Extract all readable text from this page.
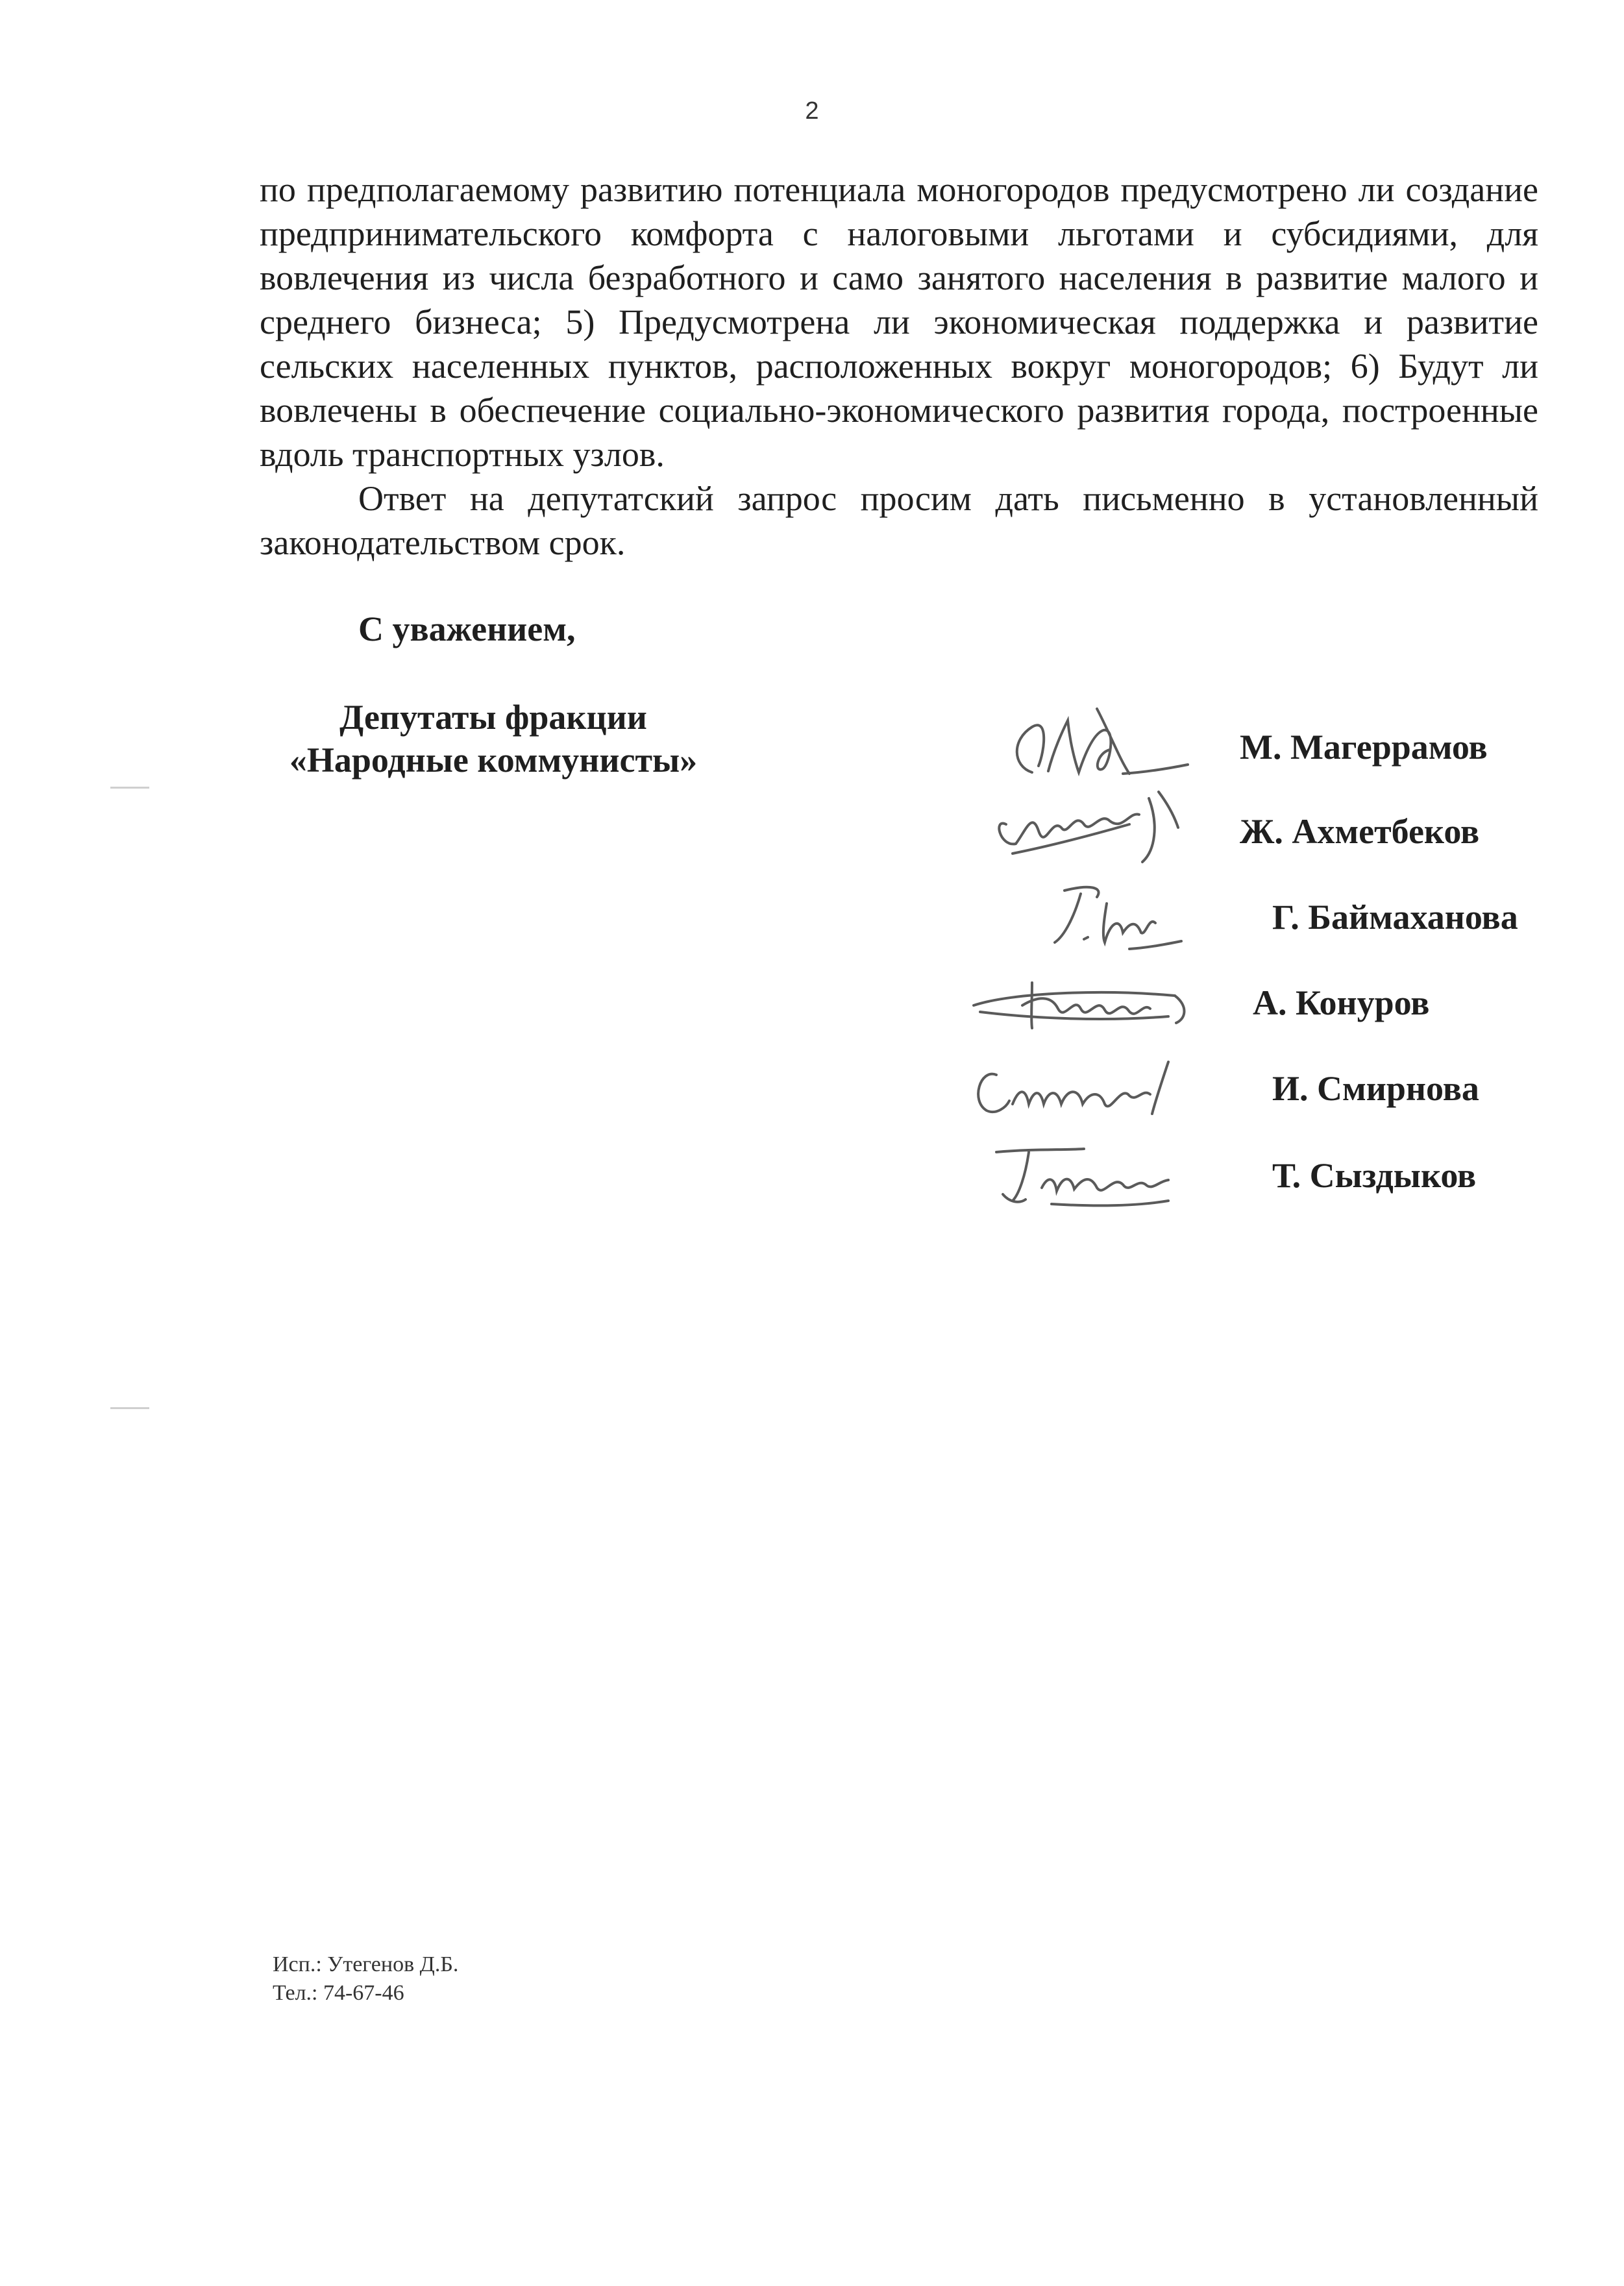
2

по предполагаемому развитию потенциала моногородов предусмотрено ли создание предпринимательского комфорта с налоговыми льготами и субсидиями, для вовлечения из числа безработного и само занятого населения в развитие малого и среднего бизнеса; 5) Предусмотрена ли экономическая поддержка и развитие сельских населенных пунктов, расположенных вокруг моногородов; 6) Будут ли вовлечены в обеспечение социально-экономического развития города, построенные вдоль транспортных узлов.

Ответ на депутатский запрос просим дать письменно в установленный законодательством срок.

С уважением,
Депутаты фракции
«Народные коммунисты»	М. Магеррамов
Ж. Ахметбеков
Г. Баймаханова
А. Конуров
И. Смирнова
Т. Сыздыков
Исп.: Утегенов Д.Б.
Тел.: 74-67-46
